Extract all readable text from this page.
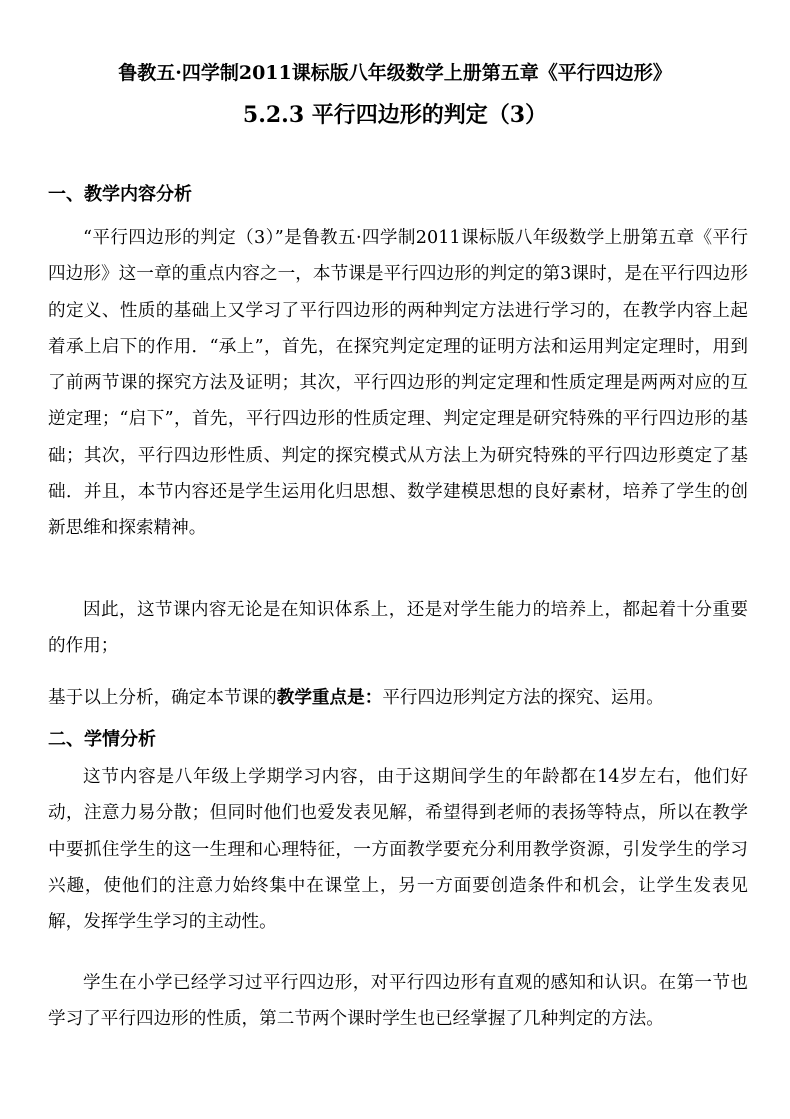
鲁教五·四学制2011课标版八年级数学上册第五章《平行四边形》
5.2.3 平行四边形的判定（3）
一、教学内容分析
“平行四边形的判定（3）”是鲁教五·四学制2011课标版八年级数学上册第五章《平行四边形》这一章的重点内容之一，本节课是平行四边形的判定的第3课时，是在平行四边形的定义、性质的基础上又学习了平行四边形的两种判定方法进行学习的，在教学内容上起着承上启下的作用．“承上”，首先，在探究判定定理的证明方法和运用判定定理时，用到了前两节课的探究方法及证明；其次，平行四边形的判定定理和性质定理是两两对应的互逆定理；“启下”，首先，平行四边形的性质定理、判定定理是研究特殊的平行四边形的基础；其次，平行四边形性质、判定的探究模式从方法上为研究特殊的平行四边形奠定了基础．并且，本节内容还是学生运用化归思想、数学建模思想的良好素材，培养了学生的创新思维和探索精神。
因此，这节课内容无论是在知识体系上，还是对学生能力的培养上，都起着十分重要的作用；
基于以上分析，确定本节课的教学重点是：平行四边形判定方法的探究、运用。
二、学情分析
这节内容是八年级上学期学习内容，由于这期间学生的年龄都在14岁左右，他们好动，注意力易分散；但同时他们也爱发表见解，希望得到老师的表扬等特点，所以在教学中要抓住学生的这一生理和心理特征，一方面教学要充分利用教学资源，引发学生的学习兴趣，使他们的注意力始终集中在课堂上，另一方面要创造条件和机会，让学生发表见解，发挥学生学习的主动性。
学生在小学已经学习过平行四边形，对平行四边形有直观的感知和认识。在第一节也学习了平行四边形的性质，第二节两个课时学生也已经掌握了几种判定的方法。
